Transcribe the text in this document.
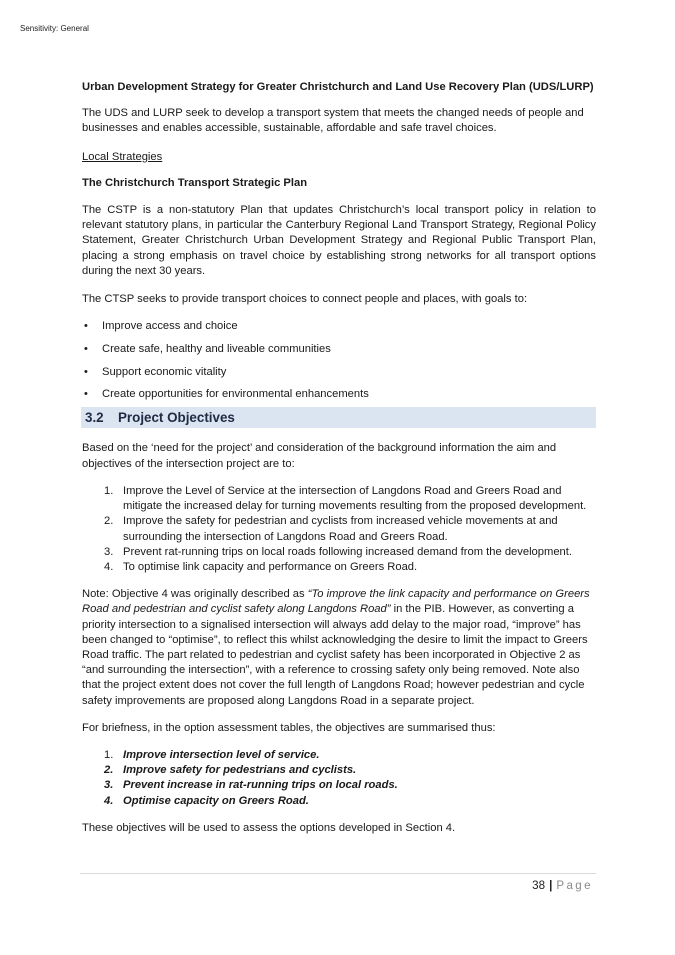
Sensitivity: General

Urban Development Strategy for Greater Christchurch and Land Use Recovery Plan (UDS/LURP)

The UDS and LURP seek to develop a transport system that meets the changed needs of people and businesses and enables accessible, sustainable, affordable and safe travel choices.

Local Strategies

The Christchurch Transport Strategic Plan

The CSTP is a non-statutory Plan that updates Christchurch’s local transport policy in relation to relevant statutory plans, in particular the Canterbury Regional Land Transport Strategy, Regional Policy Statement, Greater Christchurch Urban Development Strategy and Regional Public Transport Plan, placing a strong emphasis on travel choice by establishing strong networks for all transport options during the next 30 years.

The CTSP seeks to provide transport choices to connect people and places, with goals to:

• Improve access and choice
• Create safe, healthy and liveable communities
• Support economic vitality
• Create opportunities for environmental enhancements
3.2 Project Objectives

Based on the ‘need for the project’ and consideration of the background information the aim and objectives of the intersection project are to:

1. Improve the Level of Service at the intersection of Langdons Road and Greers Road and mitigate the increased delay for turning movements resulting from the proposed development.
2. Improve the safety for pedestrian and cyclists from increased vehicle movements at and surrounding the intersection of Langdons Road and Greers Road.
3. Prevent rat-running trips on local roads following increased demand from the development.
4. To optimise link capacity and performance on Greers Road.

Note: Objective 4 was originally described as “To improve the link capacity and performance on Greers Road and pedestrian and cyclist safety along Langdons Road” in the PIB. However, as converting a priority intersection to a signalised intersection will always add delay to the major road, “improve” has been changed to “optimise”, to reflect this whilst acknowledging the desire to limit the impact to Greers Road traffic. The part related to pedestrian and cyclist safety has been incorporated in Objective 2 as “and surrounding the intersection”, with a reference to crossing safety only being removed. Note also that the project extent does not cover the full length of Langdons Road; however pedestrian and cycle safety improvements are proposed along Langdons Road in a separate project.

For briefness, in the option assessment tables, the objectives are summarised thus:

1. Improve intersection level of service.
2. Improve safety for pedestrians and cyclists.
3. Prevent increase in rat-running trips on local roads.
4. Optimise capacity on Greers Road.

These objectives will be used to assess the options developed in Section 4.

38 | Page
